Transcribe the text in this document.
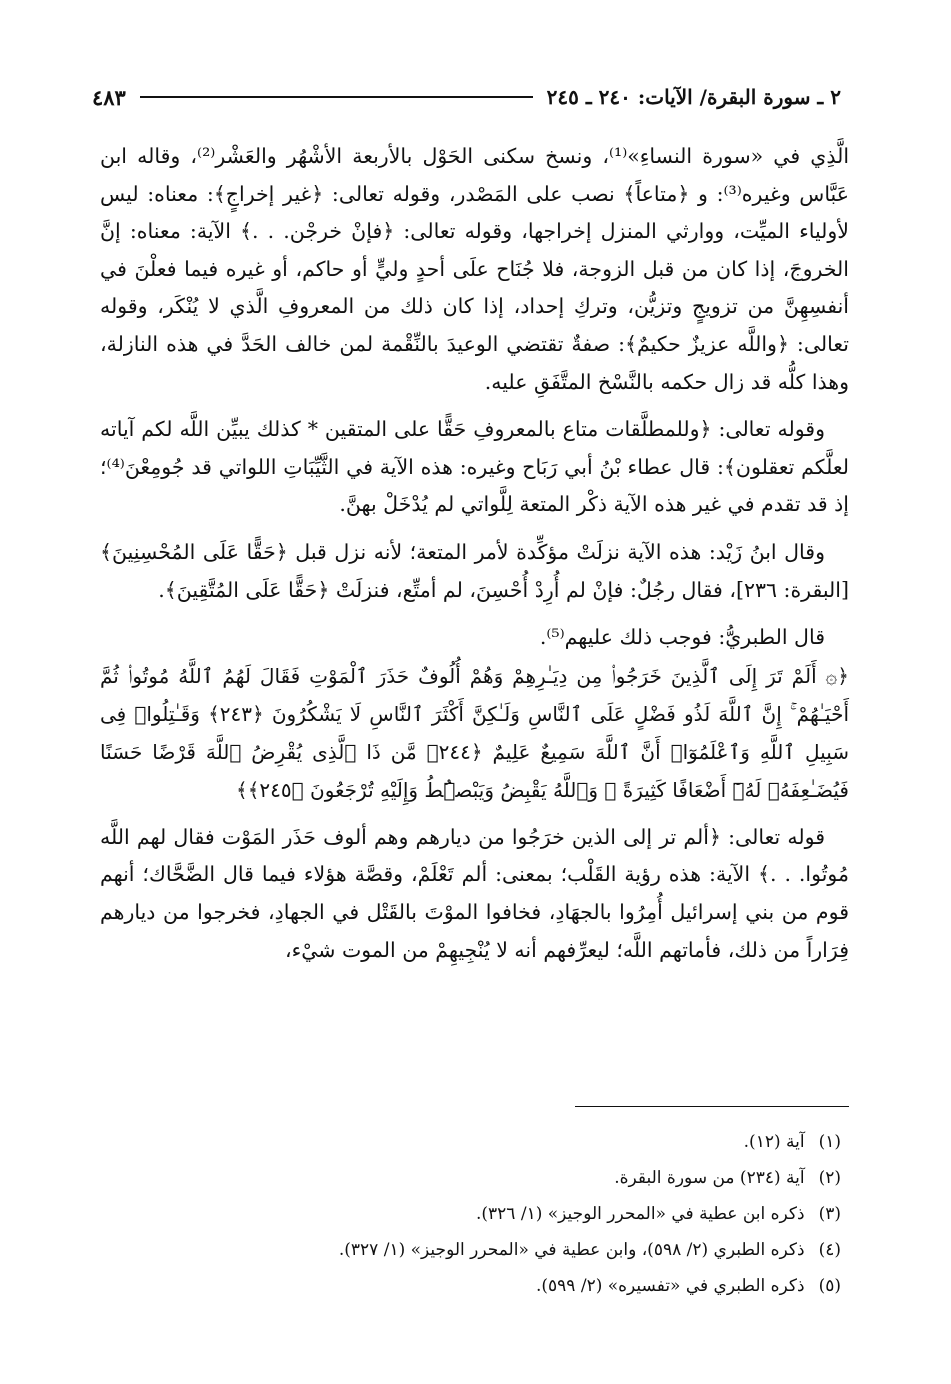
٢ ـ سورة البقرة/ الآيات: ٢٤٠ ـ ٢٤٥
٤٨٣

الَّذِي في «سورة النساءِ»⁽¹⁾، ونسخ سكنى الحَوْل بالأربعة الأشْهُر والعَشْر⁽²⁾، وقاله ابن عَبَّاس وغيره⁽³⁾: و ﴿متاعاً﴾ نصب على المَصْدر، وقوله تعالى: ﴿غير إخراجٍ﴾: معناه: ليس لأولياء الميِّت، ووارثي المنزل إخراجها، وقوله تعالى: ﴿فإنْ خرجْن. . .﴾ الآية: معناه: إنَّ الخروجَ، إذا كان من قبل الزوجة، فلا جُنَاح علَى أحدٍ وليٍّ أو حاكم، أو غيره فيما فعلْنَ في أنفسِهِنَّ من تزويجٍ وتزيُّن، وتركِ إحداد، إذا كان ذلك من المعروفِ الَّذي لا يُنْكَر، وقوله تعالى: ﴿واللَّه عزيزٌ حكيمٌ﴾: صفةٌ تقتضي الوعيدَ بالنِّقْمة لمن خالف الحَدَّ في هذه النازلة، وهذا كلُّه قد زال حكمه بالنَّسْخ المتَّفَقِ عليه.

وقوله تعالى: ﴿وللمطلَّقات متاع بالمعروفِ حَقًّا على المتقين * كذلك يبيِّن اللَّه لكم آياته لعلَّكم تعقلون﴾: قال عطاء بْنُ أبي رَبَاح وغيره: هذه الآية في الثَّيِّبَاتِ اللواتي قد جُومِعْنَ⁽⁴⁾؛ إذ قد تقدم في غير هذه الآية ذكْر المتعة لِلَّواتي لم يُدْخَلْ بهنَّ.

وقال ابنُ زَيْد: هذه الآية نزلَتْ مؤكِّدة لأمر المتعة؛ لأنه نزل قبل ﴿حَقًّا عَلَى المُحْسِنِينَ﴾ [البقرة: ٢٣٦]، فقال رجُلٌ: فإنْ لم أُرِدْ أُحْسِنَ، لم أمتِّع، فنزلَتْ ﴿حَقًّا عَلَى المُتَّقِينَ﴾.

قال الطبريُّ: فوجب ذلك عليهم⁽⁵⁾.

﴿۞ أَلَمْ تَرَ إِلَى ٱلَّذِينَ خَرَجُوا۟ مِن دِيَـٰرِهِمْ وَهُمْ أُلُوفٌ حَذَرَ ٱلْمَوْتِ فَقَالَ لَهُمُ ٱللَّهُ مُوتُوا۟ ثُمَّ أَحْيَـٰهُمْ ۚ إِنَّ ٱللَّهَ لَذُو فَضْلٍ عَلَى ٱلنَّاسِ وَلَـٰكِنَّ أَكْثَرَ ٱلنَّاسِ لَا يَشْكُرُونَ ﴿٢٤٣﴾ وَقَـٰتِلُوا۟ فِى سَبِيلِ ٱللَّهِ وَٱعْلَمُوٓا۟ أَنَّ ٱللَّهَ سَمِيعٌ عَلِيمٌ ﴿٢٤٤﴾ مَّن ذَا ٱلَّذِى يُقْرِضُ ٱللَّهَ قَرْضًا حَسَنًا فَيُضَـٰعِفَهُۥ لَهُۥٓ أَضْعَافًا كَثِيرَةً ۚ وَٱللَّهُ يَقْبِضُ وَيَبْصُۜطُ وَإِلَيْهِ تُرْجَعُونَ ﴿٢٤٥﴾﴾

قوله تعالى: ﴿ألم تر إلى الذين خرَجُوا من ديارهم وهم ألوف حَذَر المَوْت فقال لهم اللَّه مُوتُوا. . .﴾ الآية: هذه رؤية القَلْب؛ بمعنى: ألم تَعْلَمْ، وقصَّة هؤلاء فيما قال الضَّحَّاك؛ أنهم قوم من بني إسرائيل أُمِرُوا بالجهَادِ، فخافوا الموْتَ بالقَتْل في الجهادِ، فخرجوا من ديارهم فِرَاراً من ذلك، فأماتهم اللَّه؛ ليعرِّفهم أنه لا يُنْجِيهِمْ من الموت شيْء،

(١)آية (١٢).
(٢)آية (٢٣٤) من سورة البقرة.
(٣)ذكره ابن عطية في «المحرر الوجيز» (١/ ٣٢٦).
(٤)ذكره الطبري (٢/ ٥٩٨)، وابن عطية في «المحرر الوجيز» (١/ ٣٢٧).
(٥)ذكره الطبري في «تفسيره» (٢/ ٥٩٩).
